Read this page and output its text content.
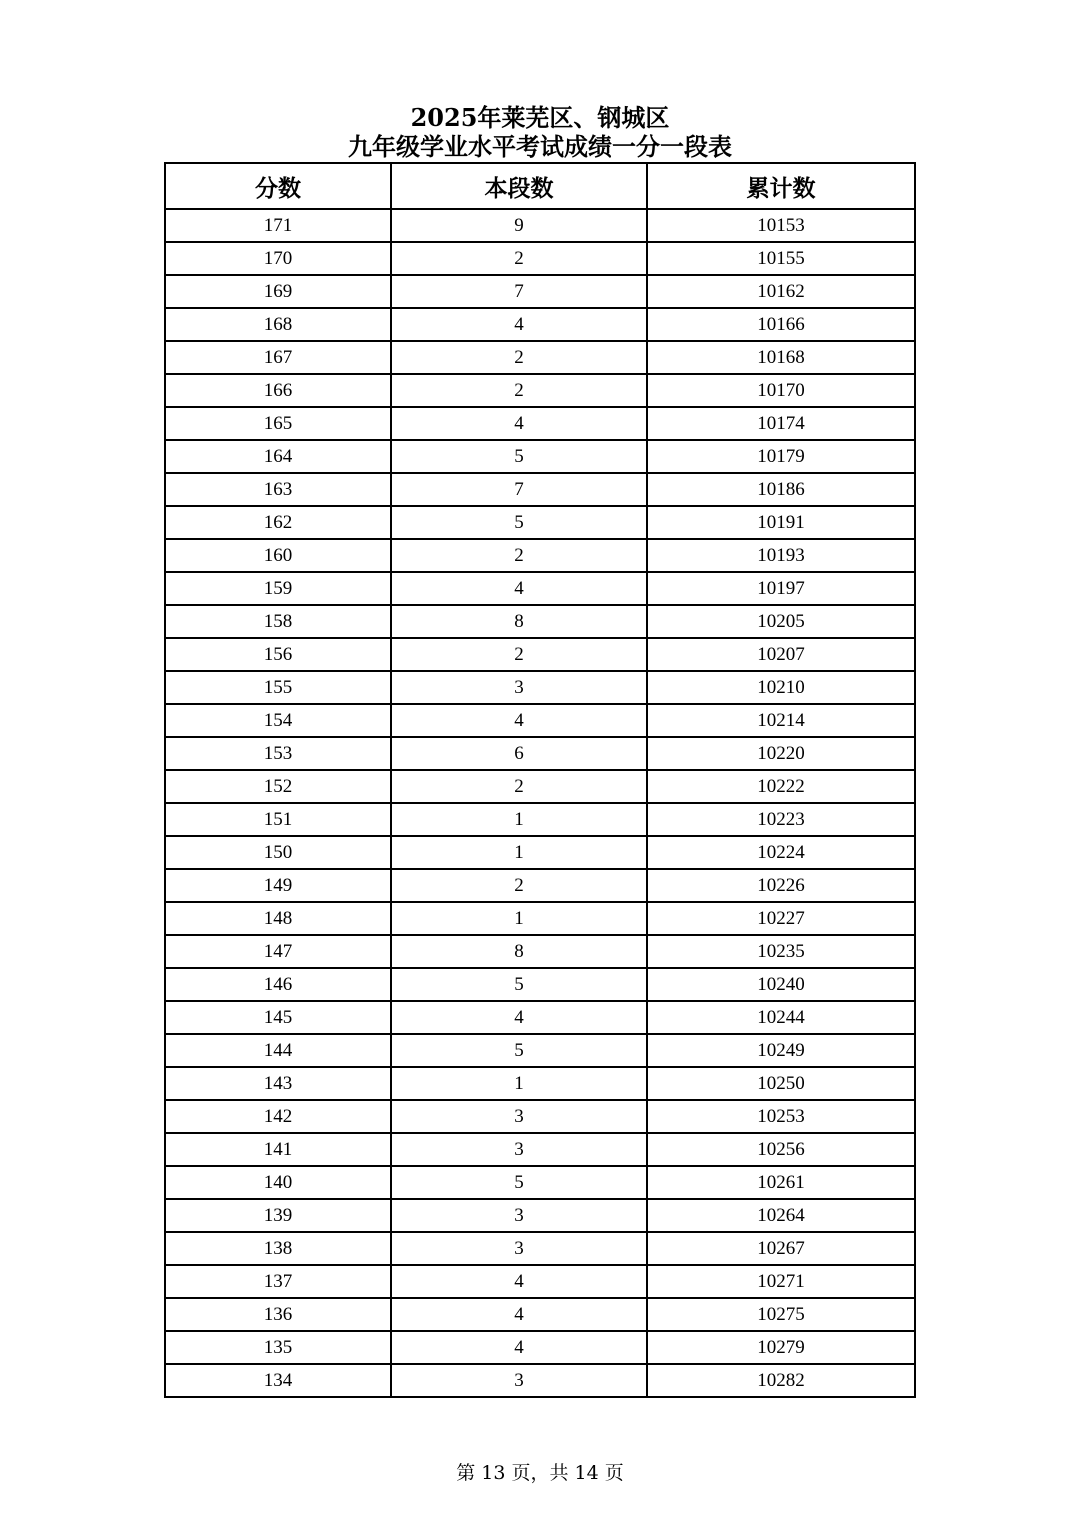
2025年莱芜区、钢城区
九年级学业水平考试成绩一分一段表
分数	本段数	累计数
171	9	10153
170	2	10155
169	7	10162
168	4	10166
167	2	10168
166	2	10170
165	4	10174
164	5	10179
163	7	10186
162	5	10191
160	2	10193
159	4	10197
158	8	10205
156	2	10207
155	3	10210
154	4	10214
153	6	10220
152	2	10222
151	1	10223
150	1	10224
149	2	10226
148	1	10227
147	8	10235
146	5	10240
145	4	10244
144	5	10249
143	1	10250
142	3	10253
141	3	10256
140	5	10261
139	3	10264
138	3	10267
137	4	10271
136	4	10275
135	4	10279
134	3	10282
第 13 页，共 14 页
